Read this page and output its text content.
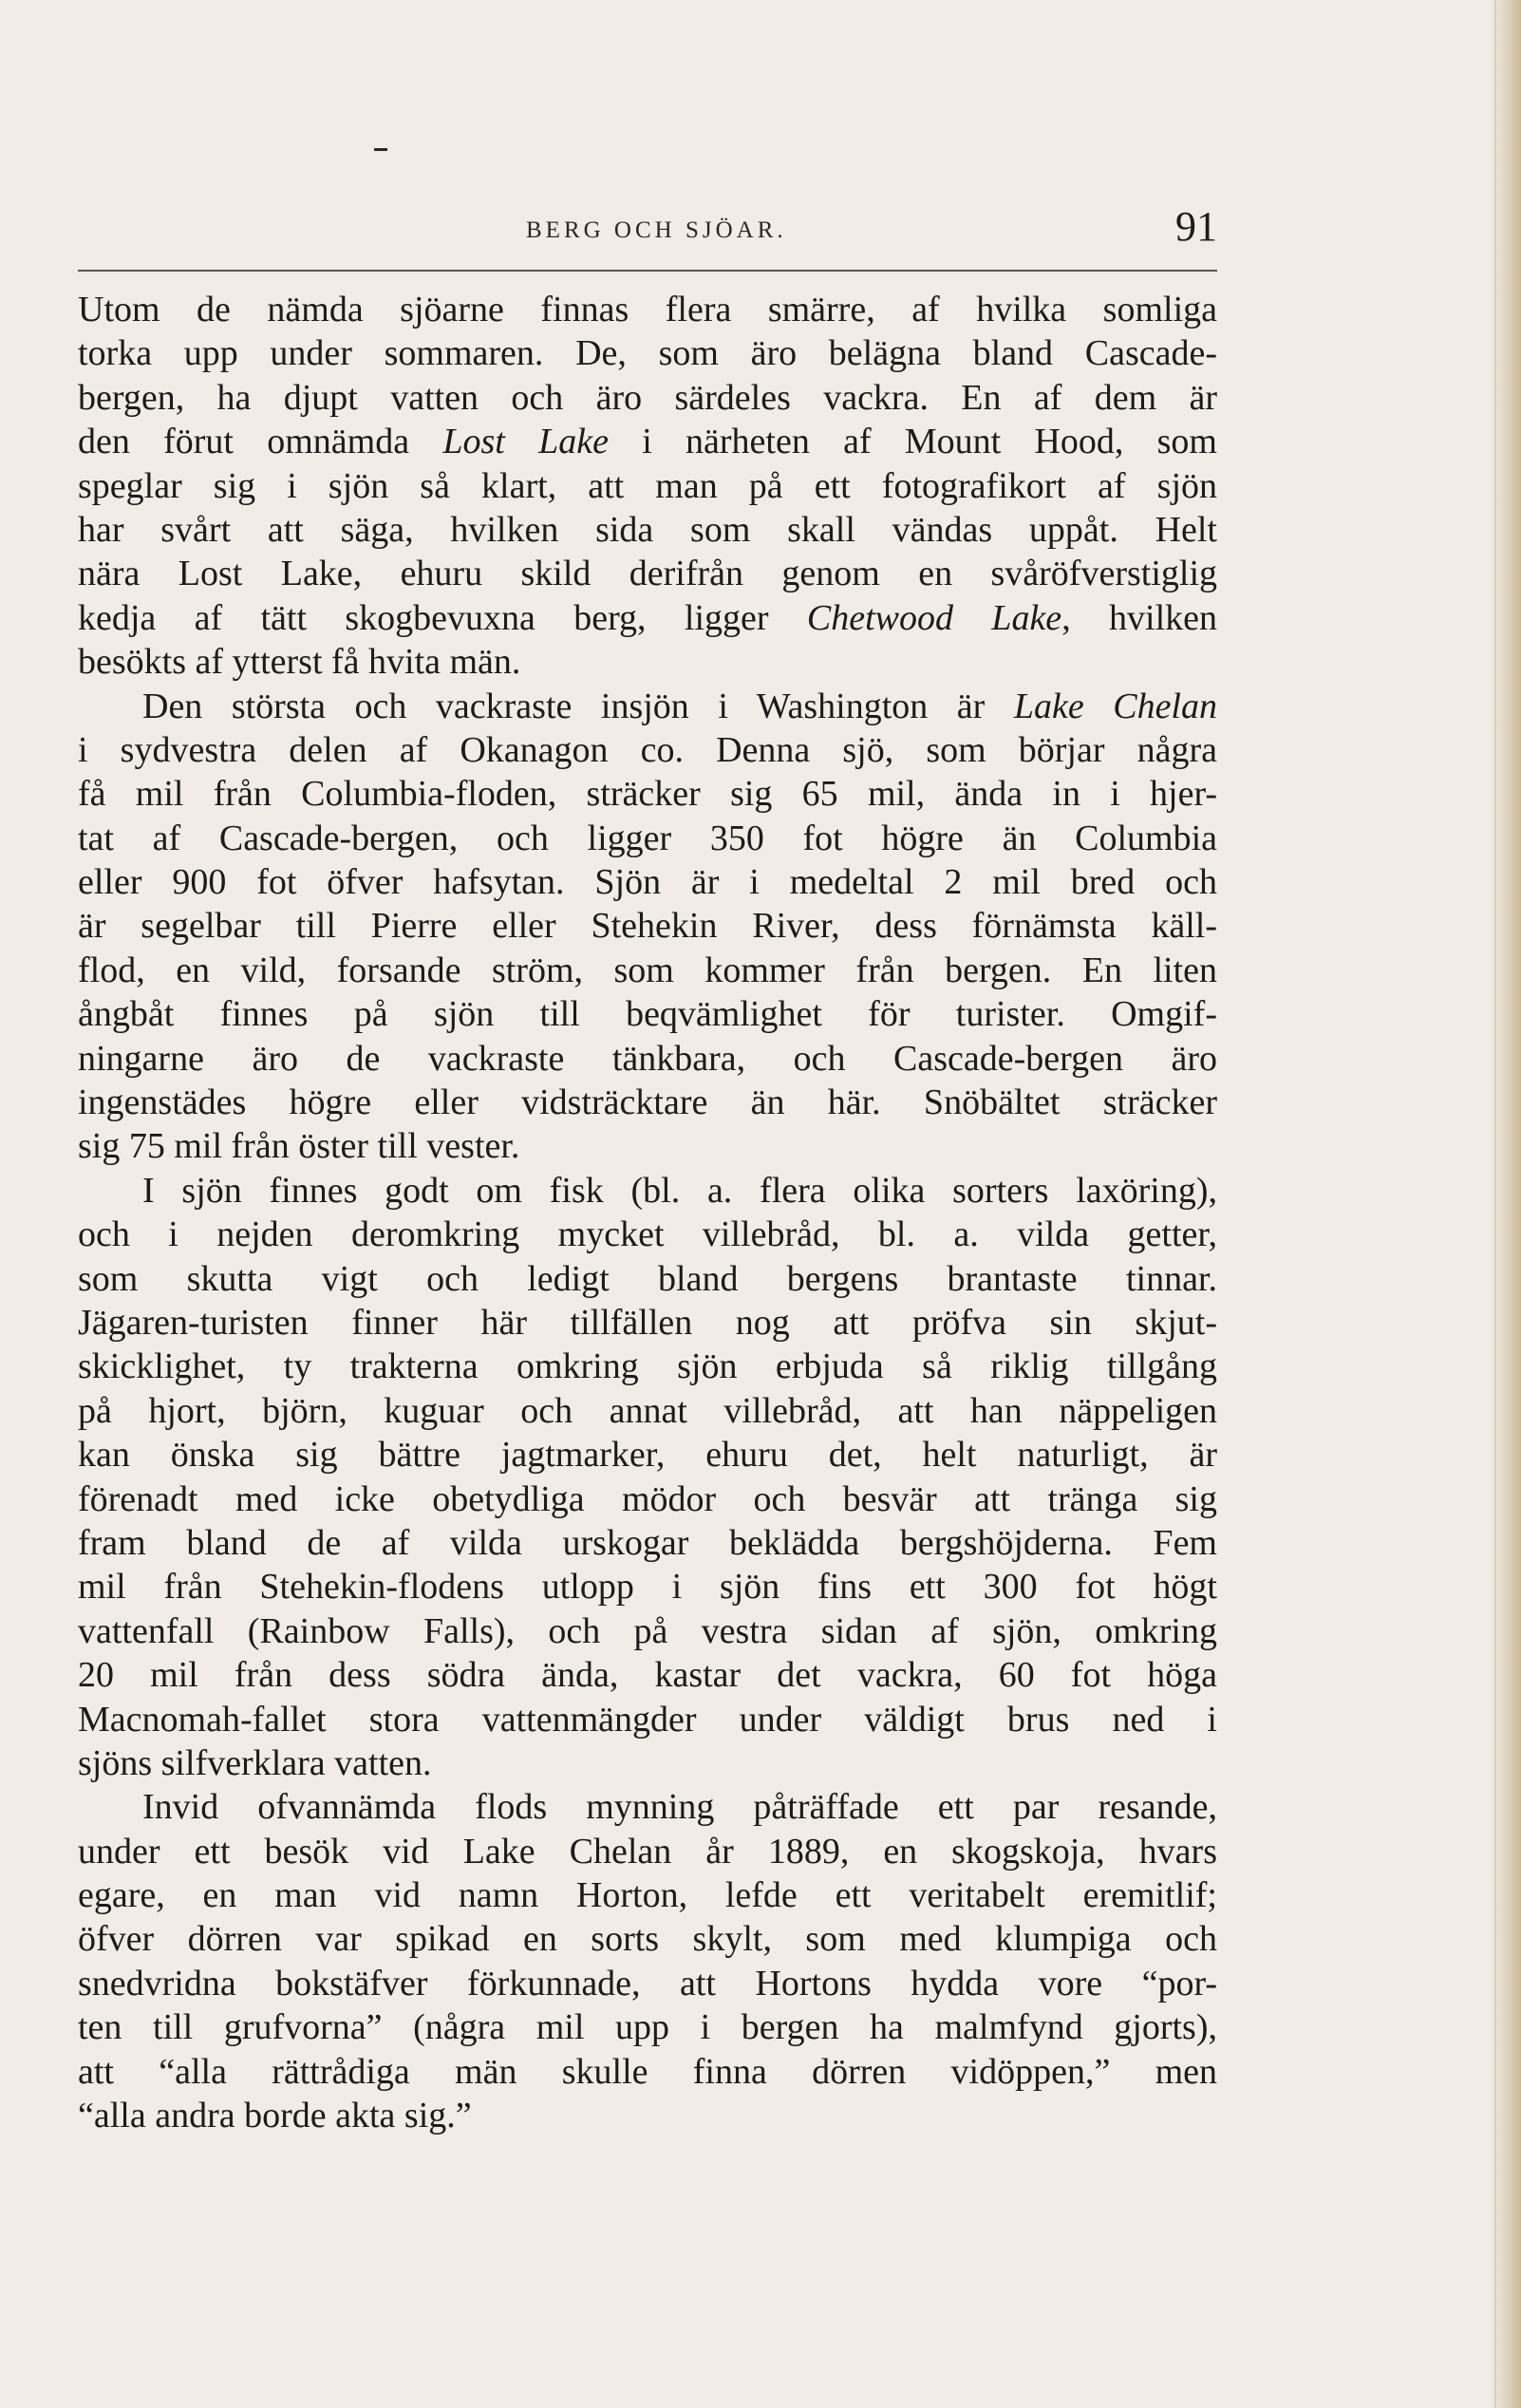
BERG OCH SJÖAR.	91
Utom de nämda sjöarne finnas flera smärre, af hvilka somliga
torka upp under sommaren. De, som äro belägna bland Cascade-
bergen, ha djupt vatten och äro särdeles vackra. En af dem är
den förut omnämda Lost Lake i närheten af Mount Hood, som
speglar sig i sjön så klart, att man på ett fotografikort af sjön
har svårt att säga, hvilken sida som skall vändas uppåt. Helt
nära Lost Lake, ehuru skild derifrån genom en svåröfverstiglig
kedja af tätt skogbevuxna berg, ligger Chetwood Lake, hvilken
besökts af ytterst få hvita män.
Den största och vackraste insjön i Washington är Lake Chelan
i sydvestra delen af Okanagon co. Denna sjö, som börjar några
få mil från Columbia-floden, sträcker sig 65 mil, ända in i hjer-
tat af Cascade-bergen, och ligger 350 fot högre än Columbia
eller 900 fot öfver hafsytan. Sjön är i medeltal 2 mil bred och
är segelbar till Pierre eller Stehekin River, dess förnämsta käll-
flod, en vild, forsande ström, som kommer från bergen. En liten
ångbåt finnes på sjön till beqvämlighet för turister. Omgif-
ningarne äro de vackraste tänkbara, och Cascade-bergen äro
ingenstädes högre eller vidsträcktare än här. Snöbältet sträcker
sig 75 mil från öster till vester.
I sjön finnes godt om fisk (bl. a. flera olika sorters laxöring),
och i nejden deromkring mycket villebråd, bl. a. vilda getter,
som skutta vigt och ledigt bland bergens brantaste tinnar.
Jägaren-turisten finner här tillfällen nog att pröfva sin skjut-
skicklighet, ty trakterna omkring sjön erbjuda så riklig tillgång
på hjort, björn, kuguar och annat villebråd, att han näppeligen
kan önska sig bättre jagtmarker, ehuru det, helt naturligt, är
förenadt med icke obetydliga mödor och besvär att tränga sig
fram bland de af vilda urskogar beklädda bergshöjderna. Fem
mil från Stehekin-flodens utlopp i sjön fins ett 300 fot högt
vattenfall (Rainbow Falls), och på vestra sidan af sjön, omkring
20 mil från dess södra ända, kastar det vackra, 60 fot höga
Macnomah-fallet stora vattenmängder under väldigt brus ned i
sjöns silfverklara vatten.
Invid ofvannämda flods mynning påträffade ett par resande,
under ett besök vid Lake Chelan år 1889, en skogskoja, hvars
egare, en man vid namn Horton, lefde ett veritabelt eremitlif;
öfver dörren var spikad en sorts skylt, som med klumpiga och
snedvridna bokstäfver förkunnade, att Hortons hydda vore “por-
ten till grufvorna” (några mil upp i bergen ha malmfynd gjorts),
att “alla rättrådiga män skulle finna dörren vidöppen,” men
“alla andra borde akta sig.”
